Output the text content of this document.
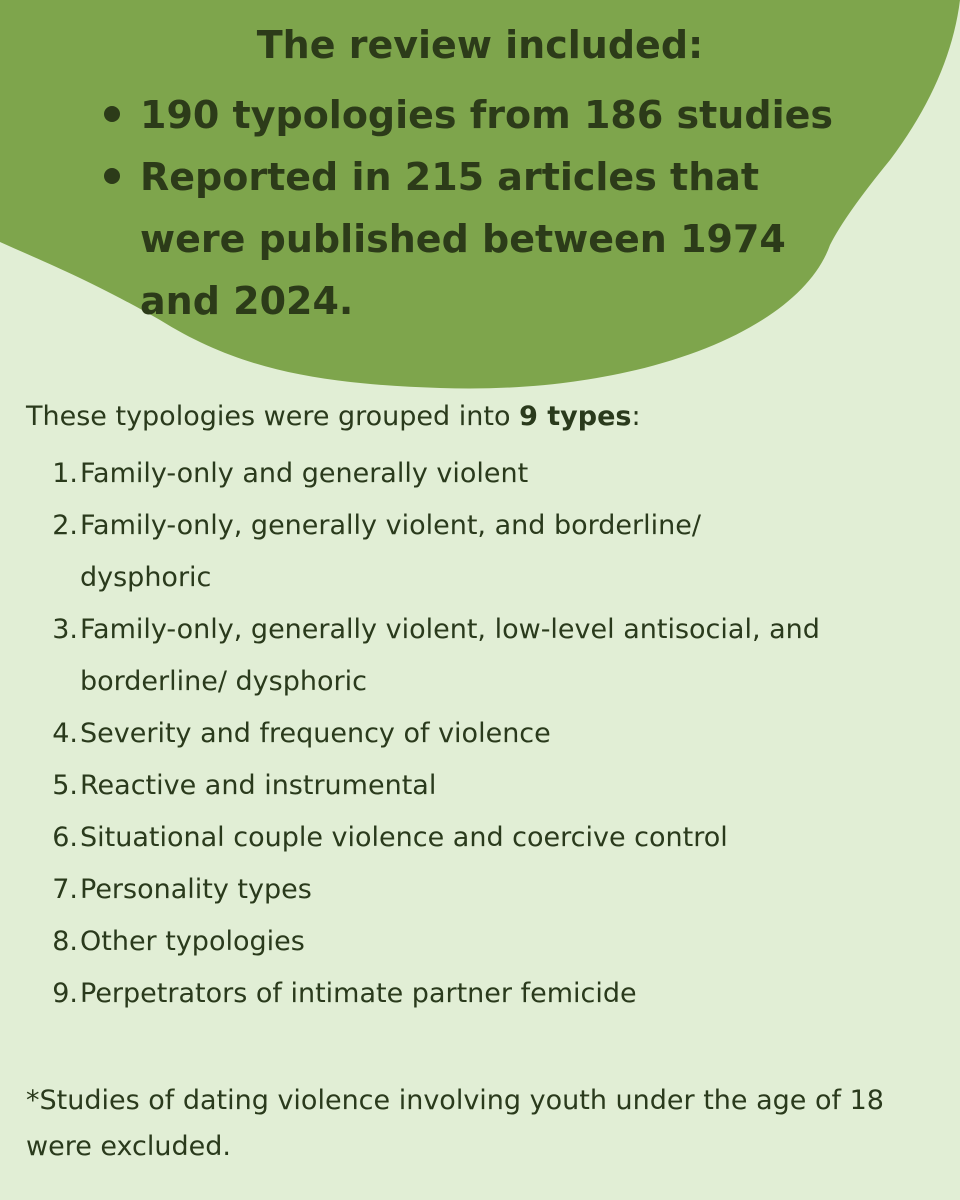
The review included:
190 typologies from 186 studies
Reported in 215 articles that were published between 1974 and 2024.

These typologies were grouped into 9 types:

1. Family-only and generally violent
2. Family-only, generally violent, and borderline/ dysphoric
3. Family-only, generally violent, low-level antisocial, and borderline/ dysphoric
4. Severity and frequency of violence
5. Reactive and instrumental
6. Situational couple violence and coercive control
7. Personality types
8. Other typologies
9. Perpetrators of intimate partner femicide

*Studies of dating violence involving youth under the age of 18 were excluded.
